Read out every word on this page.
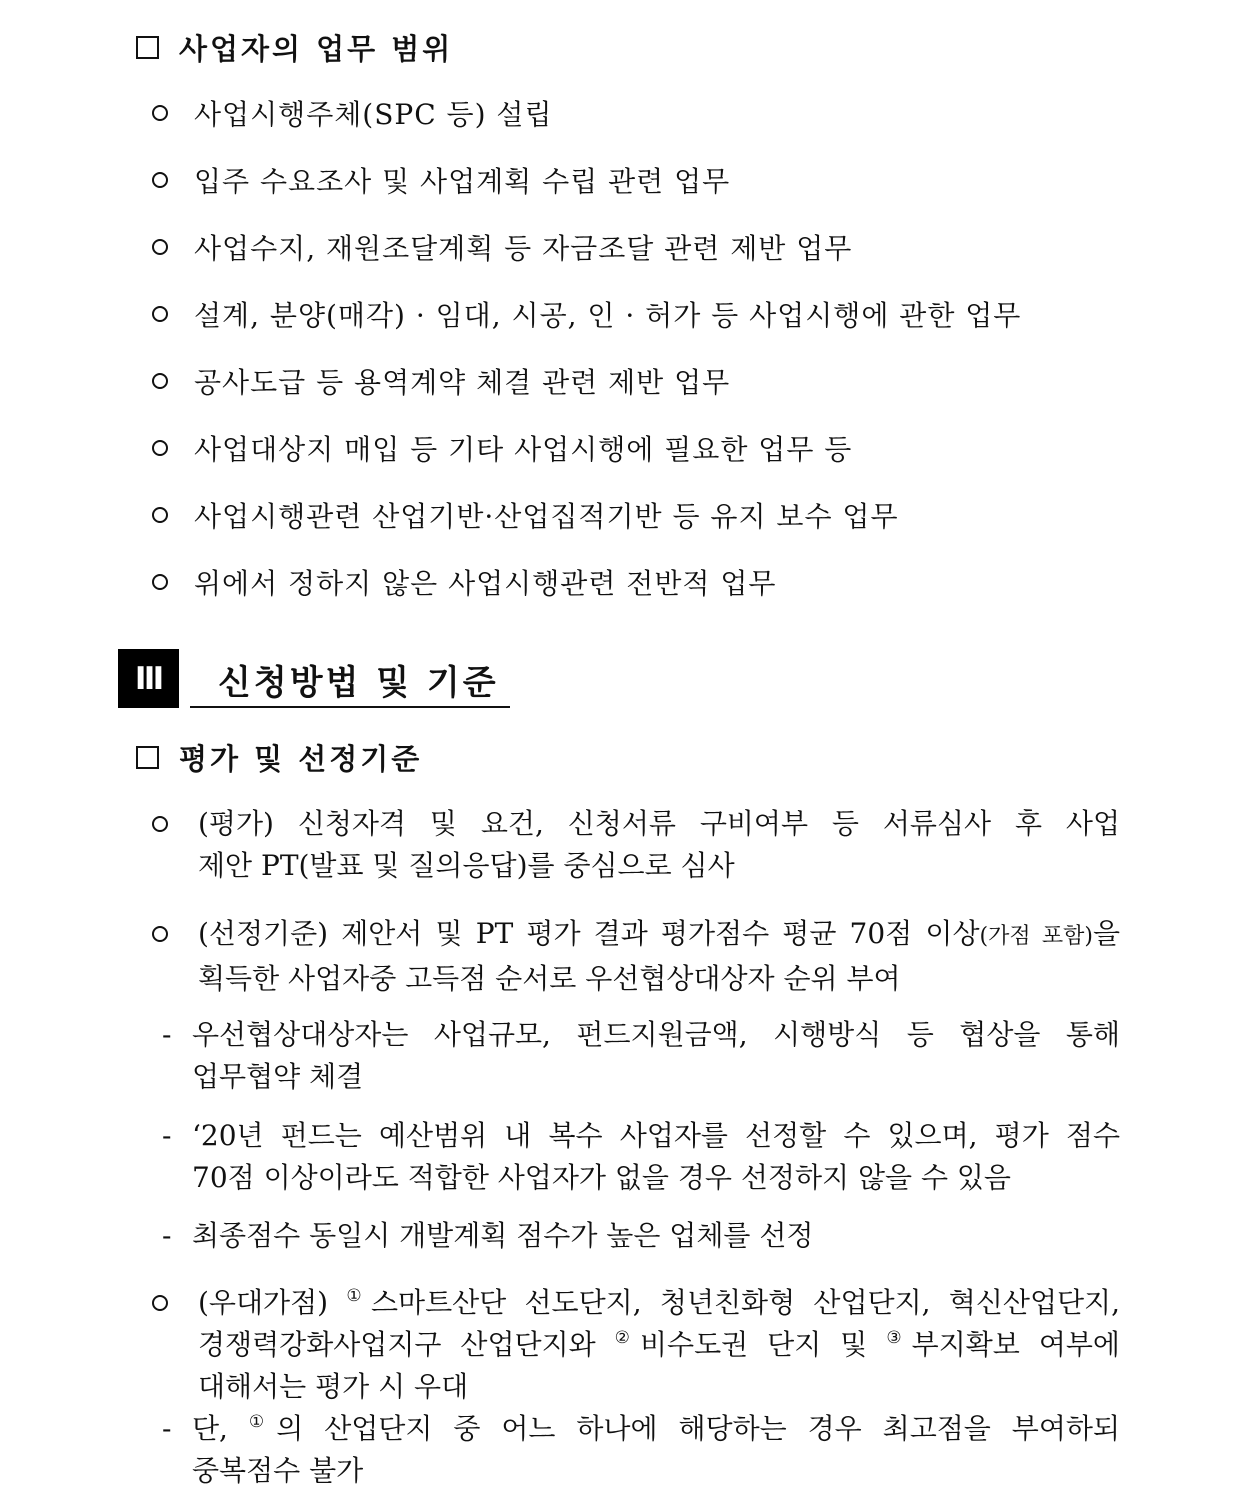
사업자의 업무 범위
사업시행주체(SPC 등) 설립
입주 수요조사 및 사업계획 수립 관련 업무
사업수지, 재원조달계획 등 자금조달 관련 제반 업무
설계, 분양(매각) · 임대, 시공, 인 · 허가 등 사업시행에 관한 업무
공사도급 등 용역계약 체결 관련 제반 업무
사업대상지 매입 등 기타 사업시행에 필요한 업무 등
사업시행관련 산업기반·산업집적기반 등 유지 보수 업무
위에서 정하지 않은 사업시행관련 전반적 업무
Ⅲ	신청방법 및 기준
평가 및 선정기준
(평가) 신청자격 및 요건, 신청서류 구비여부 등 서류심사 후 사업
제안 PT(발표 및 질의응답)를 중심으로 심사
(선정기준) 제안서 및 PT 평가 결과 평가점수 평균 70점 이상(가점 포함)을
획득한 사업자중 고득점 순서로 우선협상대상자 순위 부여
- 우선협상대상자는 사업규모, 펀드지원금액, 시행방식 등 협상을 통해
업무협약 체결
- ‘20년 펀드는 예산범위 내 복수 사업자를 선정할 수 있으며, 평가 점수
70점 이상이라도 적합한 사업자가 없을 경우 선정하지 않을 수 있음
- 최종점수 동일시 개발계획 점수가 높은 업체를 선정
(우대가점) ①스마트산단 선도단지, 청년친화형 산업단지, 혁신산업단지,
경쟁력강화사업지구 산업단지와 ②비수도권 단지 및 ③부지확보 여부에
대해서는 평가 시 우대
- 단, ①의 산업단지 중 어느 하나에 해당하는 경우 최고점을 부여하되
중복점수 불가
